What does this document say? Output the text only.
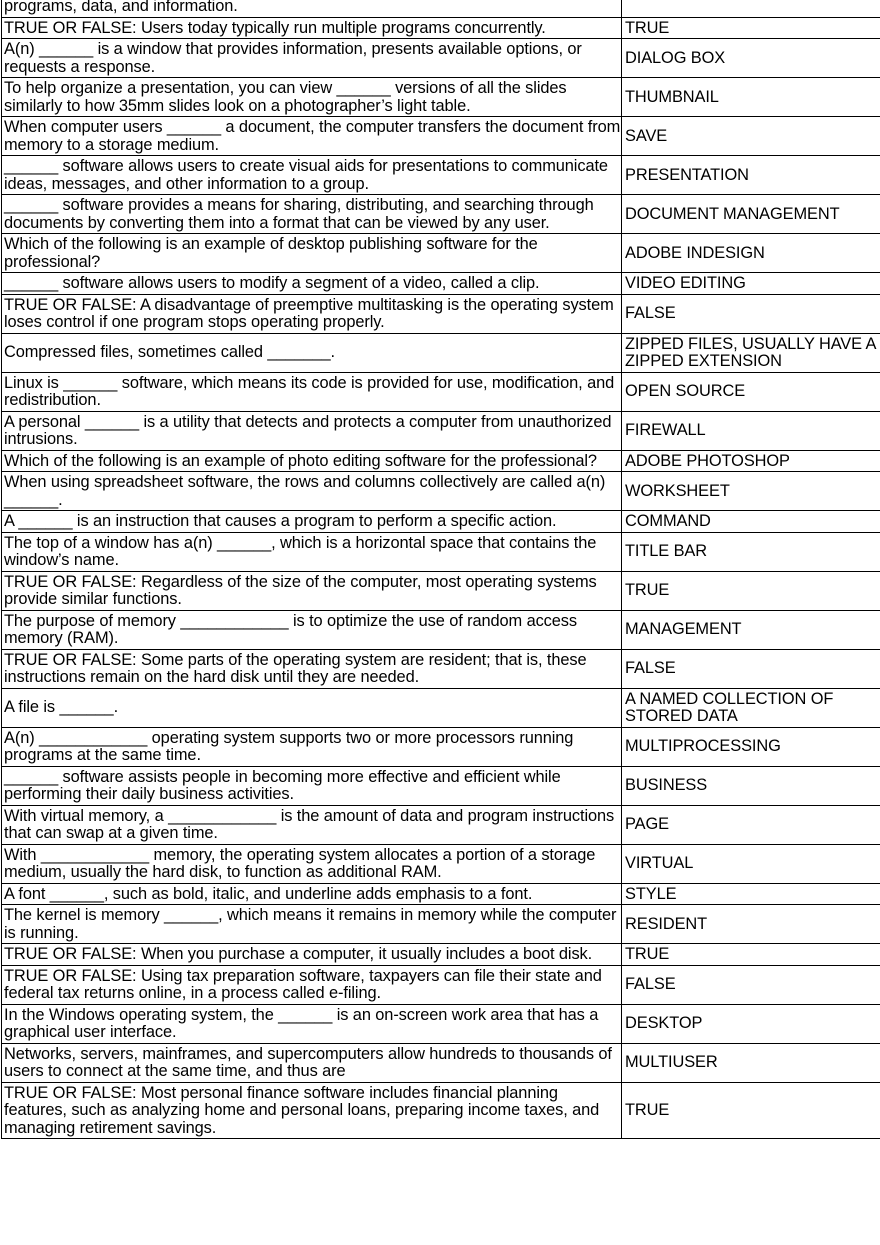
programs, data, and information.	
TRUE OR FALSE: Users today typically run multiple programs concurrently.	TRUE
A(n) ______ is a window that provides information, presents available options, or requests a response.	DIALOG BOX
To help organize a presentation, you can view ______ versions of all the slides similarly to how 35mm slides look on a photographer’s light table.	THUMBNAIL
When computer users ______ a document, the computer transfers the document from memory to a storage medium.	SAVE
______ software allows users to create visual aids for presentations to communicate ideas, messages, and other information to a group.	PRESENTATION
______ software provides a means for sharing, distributing, and searching through documents by converting them into a format that can be viewed by any user.	DOCUMENT MANAGEMENT
Which of the following is an example of desktop publishing software for the professional?	ADOBE INDESIGN
______ software allows users to modify a segment of a video, called a clip.	VIDEO EDITING
TRUE OR FALSE: A disadvantage of preemptive multitasking is the operating system loses control if one program stops operating properly.	FALSE
Compressed files, sometimes called _______.	ZIPPED FILES, USUALLY HAVE A ZIPPED EXTENSION
Linux is ______ software, which means its code is provided for use, modification, and redistribution.	OPEN SOURCE
A personal ______ is a utility that detects and protects a computer from unauthorized intrusions.	FIREWALL
Which of the following is an example of photo editing software for the professional?	ADOBE PHOTOSHOP
When using spreadsheet software, the rows and columns collectively are called a(n) ______.	WORKSHEET
A ______ is an instruction that causes a program to perform a specific action.	COMMAND
The top of a window has a(n) ______, which is a horizontal space that contains the window’s name.	TITLE BAR
TRUE OR FALSE: Regardless of the size of the computer, most operating systems provide similar functions.	TRUE
The purpose of memory ____________ is to optimize the use of random access memory (RAM).	MANAGEMENT
TRUE OR FALSE: Some parts of the operating system are resident; that is, these instructions remain on the hard disk until they are needed.	FALSE
A file is ______.	A NAMED COLLECTION OF STORED DATA
A(n) ____________ operating system supports two or more processors running programs at the same time.	MULTIPROCESSING
______ software assists people in becoming more effective and efficient while performing their daily business activities.	BUSINESS
With virtual memory, a ____________ is the amount of data and program instructions that can swap at a given time.	PAGE
With ____________ memory, the operating system allocates a portion of a storage medium, usually the hard disk, to function as additional RAM.	VIRTUAL
A font ______, such as bold, italic, and underline adds emphasis to a font.	STYLE
The kernel is memory ______, which means it remains in memory while the computer is running.	RESIDENT
TRUE OR FALSE: When you purchase a computer, it usually includes a boot disk.	TRUE
TRUE OR FALSE: Using tax preparation software, taxpayers can file their state and federal tax returns online, in a process called e-filing.	FALSE
In the Windows operating system, the ______ is an on-screen work area that has a graphical user interface.	DESKTOP
Networks, servers, mainframes, and supercomputers allow hundreds to thousands of users to connect at the same time, and thus are	MULTIUSER
TRUE OR FALSE: Most personal finance software includes financial planning features, such as analyzing home and personal loans, preparing income taxes, and managing retirement savings.	TRUE
